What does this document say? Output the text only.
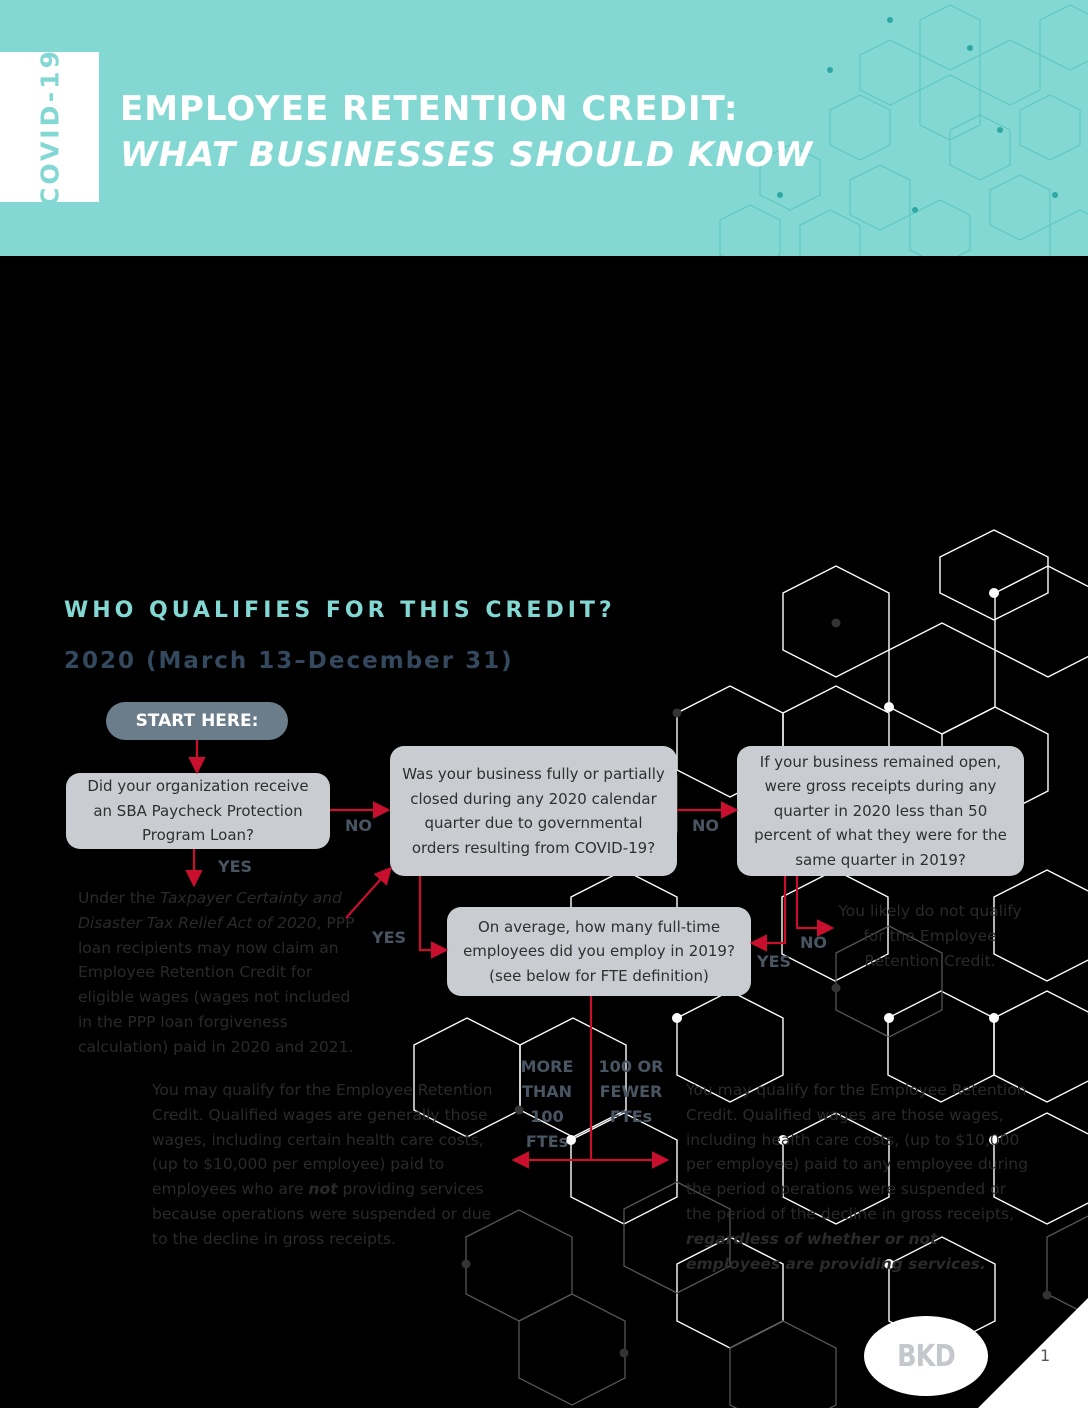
COVID-19 EMPLOYEE RETENTION CREDIT:
WHAT BUSINESSES SHOULD KNOW
WHO QUALIFIES FOR THIS CREDIT?
2020 (March 13–December 31)
START HERE:
Did your organization receive an SBA Paycheck Protection Program Loan?
Was your business fully or partially closed during any 2020 calendar quarter due to governmental orders resulting from COVID-19?
If your business remained open, were gross receipts during any quarter in 2020 less than 50 percent of what they were for the same quarter in 2019?
On average, how many full-time employees did you employ in 2019? (see below for FTE definition)
NO	NO
NO
YES
YES
YES
MORE THAN 100 FTEs
100 OR FEWER FTEs
Under the Taxpayer Certainty and Disaster Tax Relief Act of 2020, PPP loan recipients may now claim an Employee Retention Credit for eligible wages (wages not included in the PPP loan forgiveness calculation) paid in 2020 and 2021.
You likely do not qualify for the Employee Retention Credit.
You may qualify for the Employee Retention Credit. Qualified wages are generally those wages, including certain health care costs, (up to $10,000 per employee) paid to employees who are not providing services because operations were suspended or due to the decline in gross receipts.
You may qualify for the Employee Retention Credit. Qualified wages are those wages, including health care costs, (up to $10,000 per employee) paid to any employee during the period operations were suspended or the period of the decline in gross receipts, regardless of whether or not employees are providing services.
BKD	1
